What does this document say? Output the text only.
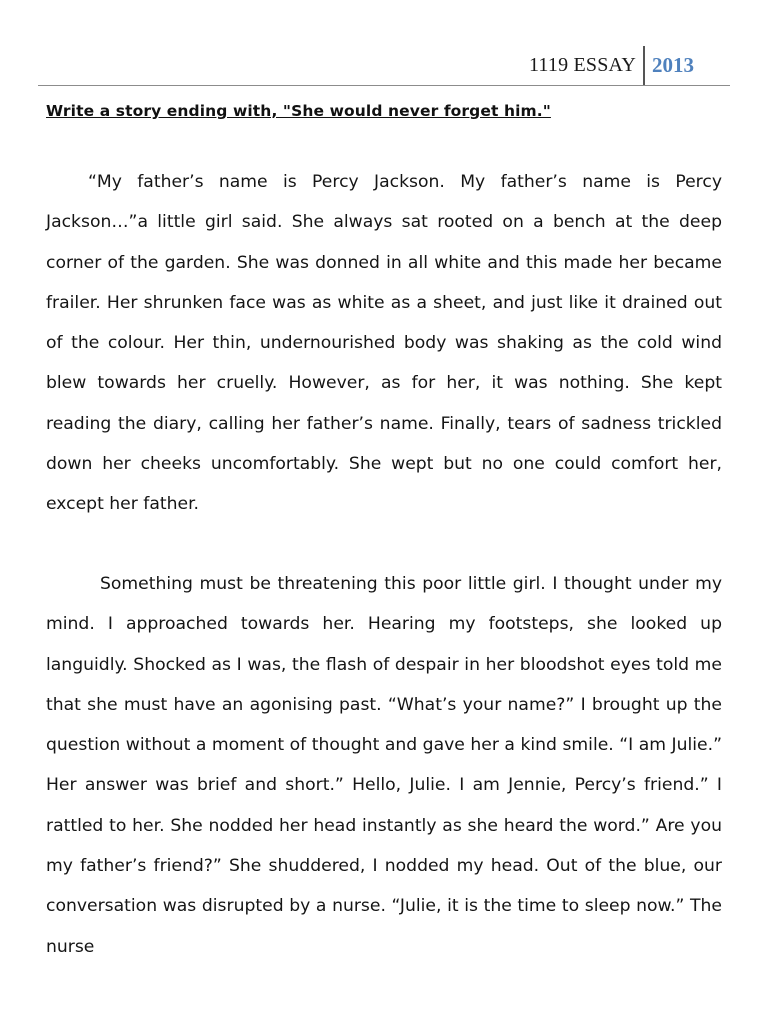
1119 ESSAY 2013
Write a story ending with, "She would never forget him."

“My father’s name is Percy Jackson. My father’s name is Percy Jackson…”a little girl said. She always sat rooted on a bench at the deep corner of the garden. She was donned in all white and this made her became frailer. Her shrunken face was as white as a sheet, and just like it drained out of the colour. Her thin, undernourished body was shaking as the cold wind blew towards her cruelly. However, as for her, it was nothing. She kept reading the diary, calling her father’s name. Finally, tears of sadness trickled down her cheeks uncomfortably. She wept but no one could comfort her, except her father.

Something must be threatening this poor little girl. I thought under my mind. I approached towards her. Hearing my footsteps, she looked up languidly. Shocked as I was, the flash of despair in her bloodshot eyes told me that she must have an agonising past. “What’s your name?” I brought up the question without a moment of thought and gave her a kind smile. “I am Julie.” Her answer was brief and short.” Hello, Julie. I am Jennie, Percy’s friend.” I rattled to her. She nodded her head instantly as she heard the word.” Are you my father’s friend?” She shuddered, I nodded my head. Out of the blue, our conversation was disrupted by a nurse. “Julie, it is the time to sleep now.” The nurse
